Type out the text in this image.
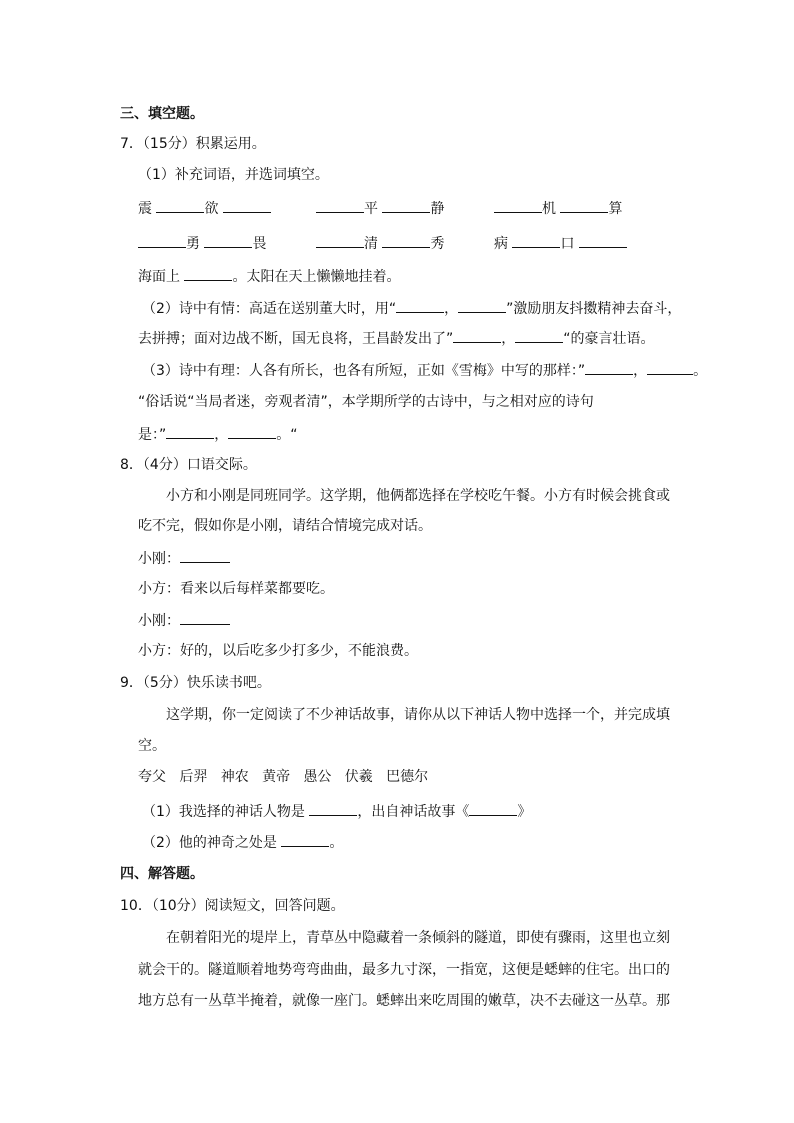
三、填空题。
7．（15分）积累运用。
（1）补充词语，并选词填空。
震	欲	平	静	机	算
勇	畏	清	秀	病	口
海面上	。太阳在天上懒懒地挂着。
（2）诗中有情：高适在送别董大时，用“	，	”激励朋友抖擞精神去奋斗，
去拼搏；面对边战不断，国无良将，王昌龄发出了”	，	“的豪言壮语。
（3）诗中有理：人各有所长，也各有所短，正如《雪梅》中写的那样：”	，	。
“俗话说“当局者迷，旁观者清”，本学期所学的古诗中，与之相对应的诗句
是：”	，	。“
8．（4分）口语交际。
小方和小刚是同班同学。这学期，他俩都选择在学校吃午餐。小方有时候会挑食或
吃不完，假如你是小刚，请结合情境完成对话。
小刚：
小方：看来以后每样菜都要吃。
小刚：
小方：好的，以后吃多少打多少，不能浪费。
9．（5分）快乐读书吧。
这学期，你一定阅读了不少神话故事，请你从以下神话人物中选择一个，并完成填
空。
夸父 后羿 神农 黄帝 愚公 伏羲 巴德尔
（1）我选择的神话人物是	，出自神话故事《	》
（2）他的神奇之处是	。
四、解答题。
10．（10分）阅读短文，回答问题。
在朝着阳光的堤岸上，青草丛中隐藏着一条倾斜的隧道，即使有骤雨，这里也立刻
就会干的。隧道顺着地势弯弯曲曲，最多九寸深，一指宽，这便是蟋蟀的住宅。出口的
地方总有一丛草半掩着，就像一座门。蟋蟀出来吃周围的嫩草，决不去碰这一丛草。那
